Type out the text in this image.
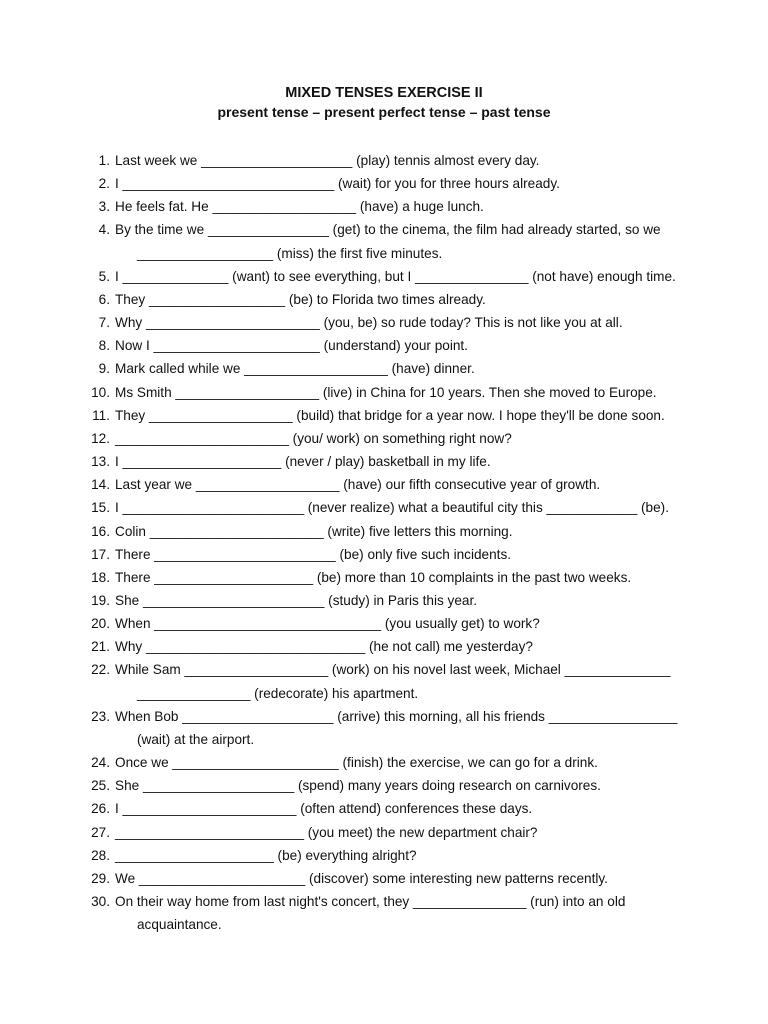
MIXED TENSES EXERCISE II
present tense – present perfect tense – past tense
1. Last week we ____________________ (play) tennis almost every day.
2. I ____________________________ (wait) for you for three hours already.
3. He feels fat. He ___________________ (have) a huge lunch.
4. By the time we ________________ (get) to the cinema, the film had already started, so we
__________________ (miss) the first five minutes.
5. I ______________ (want) to see everything, but I _______________ (not have) enough time.
6. They __________________ (be) to Florida two times already.
7. Why _______________________ (you, be) so rude today? This is not like you at all.
8. Now I ______________________ (understand) your point.
9. Mark called while we ___________________ (have) dinner.
10. Ms Smith ___________________ (live) in China for 10 years. Then she moved to Europe.
11. They ___________________ (build) that bridge for a year now. I hope they'll be done soon.
12. _______________________ (you/ work) on something right now?
13. I _____________________ (never / play) basketball in my life.
14. Last year we ___________________ (have) our fifth consecutive year of growth.
15. I ________________________ (never realize) what a beautiful city this ____________ (be).
16. Colin _______________________ (write) five letters this morning.
17. There ________________________ (be) only five such incidents.
18. There _____________________ (be) more than 10 complaints in the past two weeks.
19. She ________________________ (study) in Paris this year.
20. When ______________________________ (you usually get) to work?
21. Why _____________________________ (he not call) me yesterday?
22. While Sam ___________________ (work) on his novel last week, Michael ______________
_______________ (redecorate) his apartment.
23. When Bob ____________________ (arrive) this morning, all his friends _________________
(wait) at the airport.
24. Once we ______________________ (finish) the exercise, we can go for a drink.
25. She ____________________ (spend) many years doing research on carnivores.
26. I _______________________ (often attend) conferences these days.
27. _________________________ (you meet) the new department chair?
28. _____________________ (be) everything alright?
29. We ______________________ (discover) some interesting new patterns recently.
30. On their way home from last night's concert, they _______________ (run) into an old
acquaintance.
